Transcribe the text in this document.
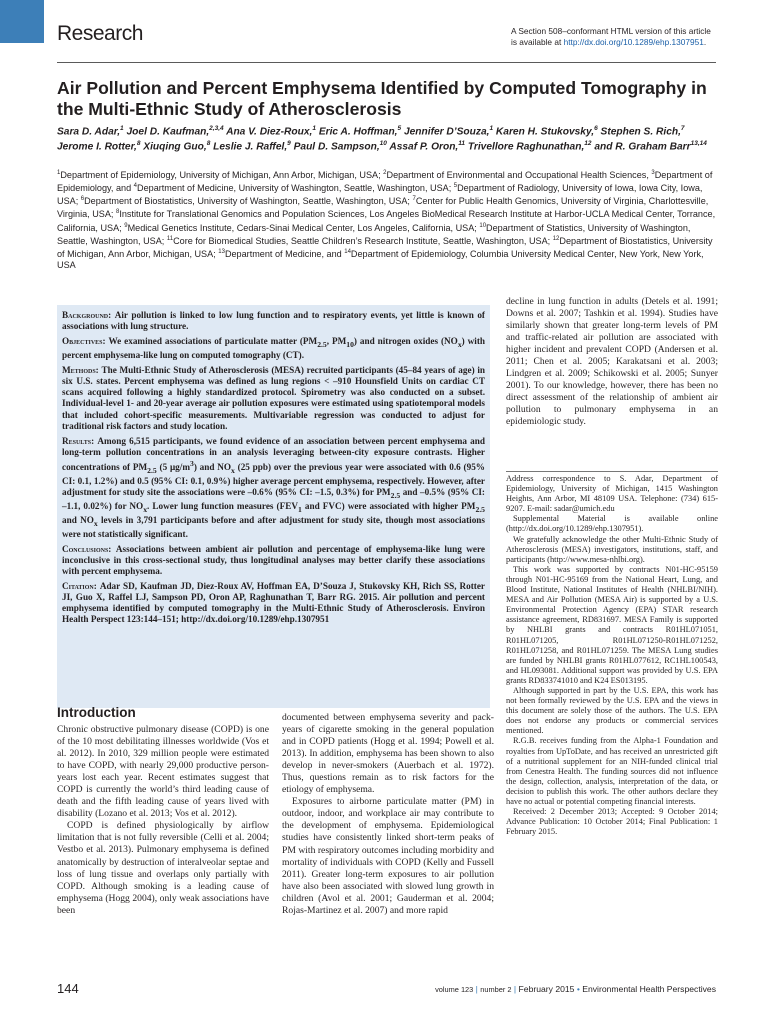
Research	A Section 508–conformant HTML version of this article is available at http://dx.doi.org/10.1289/ehp.1307951.
Air Pollution and Percent Emphysema Identified by Computed Tomography in the Multi-Ethnic Study of Atherosclerosis
Sara D. Adar,$^1$ Joel D. Kaufman,$^{2,3,4}$ Ana V. Diez-Roux,$^1$ Eric A. Hoffman,$^5$ Jennifer D’Souza,$^1$ Karen H. Stukovsky,$^6$ Stephen S. Rich,$^7$ Jerome I. Rotter,$^8$ Xiuqing Guo,$^8$ Leslie J. Raffel,$^9$ Paul D. Sampson,$^{10}$ Assaf P. Oron,$^{11}$ Trivellore Raghunathan,$^{12}$ and R. Graham Barr$^{13,14}$
$^1$Department of Epidemiology, University of Michigan, Ann Arbor, Michigan, USA; $^2$Department of Environmental and Occupational Health Sciences, $^3$Department of Epidemiology, and $^4$Department of Medicine, University of Washington, Seattle, Washington, USA; $^5$Department of Radiology, University of Iowa, Iowa City, Iowa, USA; $^6$Department of Biostatistics, University of Washington, Seattle, Washington, USA; $^7$Center for Public Health Genomics, University of Virginia, Charlottesville, Virginia, USA; $^8$Institute for Translational Genomics and Population Sciences, Los Angeles BioMedical Research Institute at Harbor-UCLA Medical Center, Torrance, California, USA; $^9$Medical Genetics Institute, Cedars-Sinai Medical Center, Los Angeles, California, USA; $^{10}$Department of Statistics, University of Washington, Seattle, Washington, USA; $^{11}$Core for Biomedical Studies, Seattle Children’s Research Institute, Seattle, Washington, USA; $^{12}$Department of Biostatistics, University of Michigan, Ann Arbor, Michigan, USA; $^{13}$Department of Medicine, and $^{14}$Department of Epidemiology, Columbia University Medical Center, New York, New York, USA

Background: Air pollution is linked to low lung function and to respiratory events, yet little is known of associations with lung structure.

Objectives: We examined associations of particulate matter ($PM_{2.5}$, $PM_{10}$) and nitrogen oxides $(NO_x)$ with percent emphysema-like lung on computed tomography (CT).

Methods: The Multi-Ethnic Study of Atherosclerosis (MESA) recruited participants (45–84 years of age) in six U.S. states. Percent emphysema was defined as lung regions < –910 Hounsfield Units on cardiac CT scans acquired following a highly standardized protocol. Spirometry was also conducted on a subset. Individual-level 1- and 20-year average air pollution exposures were estimated using spatiotemporal models that included cohort-specific measurements. Multivariable regression was conducted to adjust for traditional risk factors and study location.

Results: Among 6,515 participants, we found evidence of an association between percent emphysema and long-term pollution concentrations in an analysis leveraging between-city exposure contrasts. Higher concentrations of $PM_{2.5}$ (5 $\mu g/m^3$) and $NO_x$ (25 ppb) over the previous year were associated with 0.6 (95% CI: 0.1, 1.2%) and 0.5 (95% CI: 0.1, 0.9%) higher average percent emphysema, respectively. However, after adjustment for study site the associations were –0.6% (95% CI: –1.5, 0.3%) for $PM_{2.5}$ and –0.5% (95% CI: –1.1, 0.02%) for $NO_x$. Lower lung function measures ($FEV_1$ and FVC) were associated with higher $PM_{2.5}$ and $NO_x$ levels in 3,791 participants before and after adjustment for study site, though most associations were not statistically significant.

Conclusions: Associations between ambient air pollution and percentage of emphysema-like lung were inconclusive in this cross-sectional study, thus longitudinal analyses may better clarify these associations with percent emphysema.

Citation: Adar SD, Kaufman JD, Diez-Roux AV, Hoffman EA, D’Souza J, Stukovsky KH, Rich SS, Rotter JI, Guo X, Raffel LJ, Sampson PD, Oron AP, Raghunathan T, Barr RG. 2015. Air pollution and percent emphysema identified by computed tomography in the Multi-Ethnic Study of Atherosclerosis. Environ Health Perspect 123:144–151; http://dx.doi.org/10.1289/ehp.1307951

decline in lung function in adults (Detels et al. 1991; Downs et al. 2007; Tashkin et al. 1994). Studies have similarly shown that greater long-term levels of PM and traffic-related air pollution are associated with higher incident and prevalent COPD (Andersen et al. 2011; Chen et al. 2005; Karakatsani et al. 2003; Lindgren et al. 2009; Schikowski et al. 2005; Sunyer 2001). To our knowledge, however, there has been no direct assessment of the relationship of ambient air pollution to pulmonary emphysema in an epidemiologic study.

Address correspondence to S. Adar, Department of Epidemiology, University of Michigan, 1415 Washington Heights, Ann Arbor, MI 48109 USA. Telephone: (734) 615-9207. E-mail: sadar@umich.edu

Supplemental Material is available online (http://dx.doi.org/10.1289/ehp.1307951).

We gratefully acknowledge the other Multi-Ethnic Study of Atherosclerosis (MESA) investigators, institutions, staff, and participants (http://www.mesa-nhlbi.org).

This work was supported by contracts N01-HC-95159 through N01-HC-95169 from the National Heart, Lung, and Blood Institute, National Institutes of Health (NHLBI/NIH). MESA and Air Pollution (MESA Air) is supported by a U.S. Environmental Protection Agency (EPA) STAR research assistance agreement, RD831697. MESA Family is supported by NHLBI grants and contracts R01HL071051, R01HL071205, R01HL071250-R01HL071252, R01HL071258, and R01HL071259. The MESA Lung studies are funded by NHLBI grants R01HL077612, RC1HL100543, and HL093081. Additional support was provided by U.S. EPA grants RD833741010 and K24 ES013195.

Although supported in part by the U.S. EPA, this work has not been formally reviewed by the U.S. EPA and the views in this document are solely those of the authors. The U.S. EPA does not endorse any products or commercial services mentioned.

R.G.B. receives funding from the Alpha-1 Foundation and royalties from UpToDate, and has received an unrestricted gift of a nutritional supplement for an NIH-funded clinical trial from Cenestra Health. The funding sources did not influence the design, collection, analysis, interpretation of the data, or decision to publish this work. The other authors declare they have no actual or potential competing financial interests.

Received: 2 December 2013; Accepted: 9 October 2014; Advance Publication: 10 October 2014; Final Publication: 1 February 2015.

Introduction

Chronic obstructive pulmonary disease (COPD) is one of the 10 most debilitating illnesses worldwide (Vos et al. 2012). In 2010, 329 million people were estimated to have COPD, with nearly 29,000 productive person-years lost each year. Recent estimates suggest that COPD is currently the world’s third leading cause of death and the fifth leading cause of years lived with disability (Lozano et al. 2013; Vos et al. 2012).

COPD is defined physiologically by airflow limitation that is not fully reversible (Celli et al. 2004; Vestbo et al. 2013). Pulmonary emphysema is defined anatomically by destruction of interalveolar septae and loss of lung tissue and overlaps only partially with COPD. Although smoking is a leading cause of emphysema (Hogg 2004), only weak associations have been

documented between emphysema severity and pack-years of cigarette smoking in the general population and in COPD patients (Hogg et al. 1994; Powell et al. 2013). In addition, emphysema has been shown to also develop in never-smokers (Auerbach et al. 1972). Thus, questions remain as to risk factors for the etiology of emphysema.

Exposures to airborne particulate matter (PM) in outdoor, indoor, and workplace air may contribute to the development of emphysema. Epidemiological studies have consistently linked short-term peaks of PM with respiratory outcomes including morbidity and mortality of individuals with COPD (Kelly and Fussell 2011). Greater long-term exposures to air pollution have also been associated with slowed lung growth in children (Avol et al. 2001; Gauderman et al. 2004; Rojas-Martinez et al. 2007) and more rapid

144	volume 123 | number 2 | February 2015 • Environmental Health Perspectives
